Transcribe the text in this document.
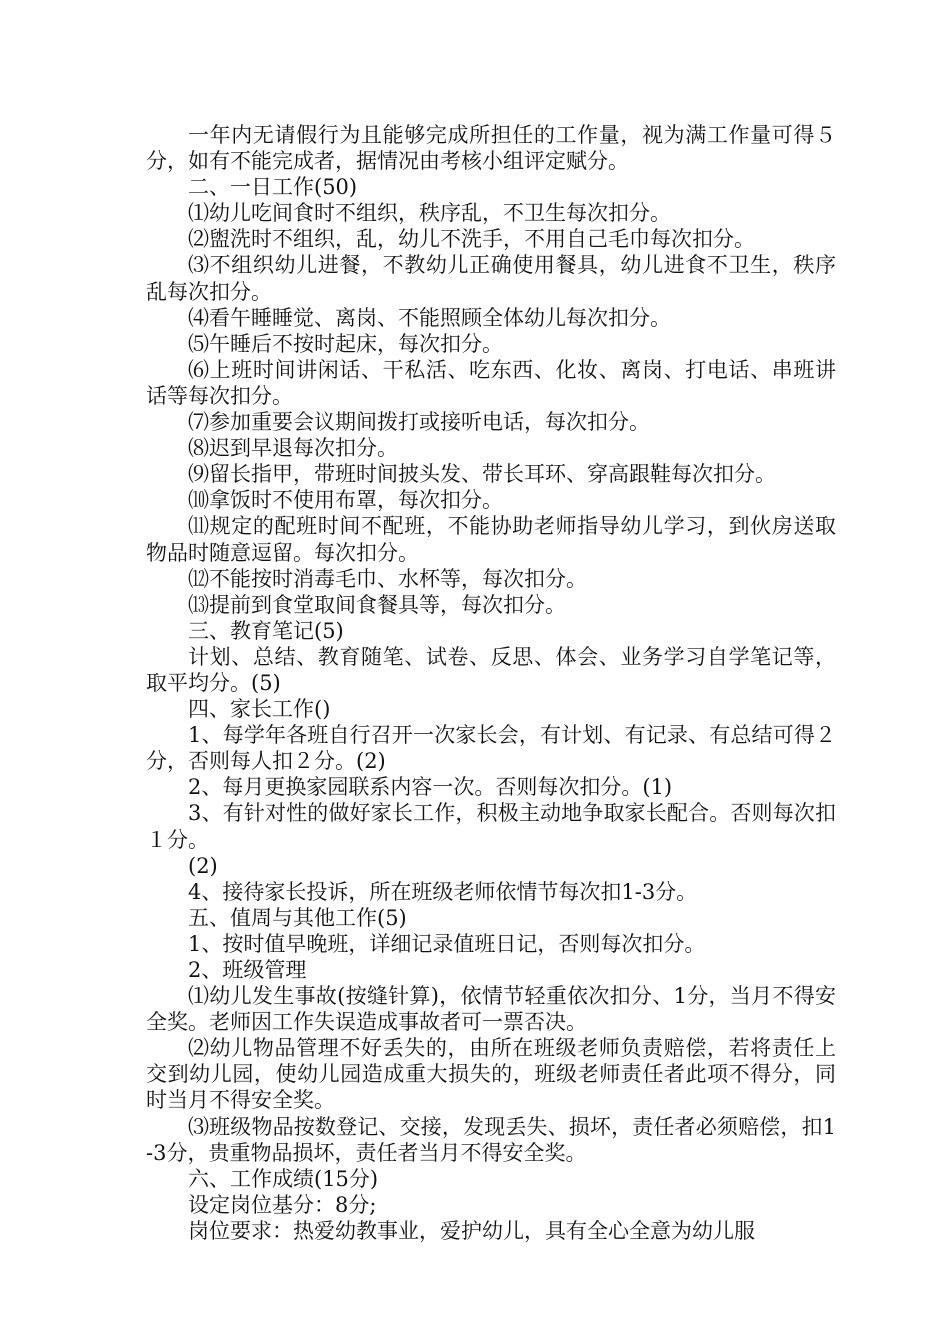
一年内无请假行为且能够完成所担任的工作量，视为满工作量可得５分，如有不能完成者，据情况由考核小组评定赋分。

二、一日工作(50)

⑴幼儿吃间食时不组织，秩序乱，不卫生每次扣分。

⑵盥洗时不组织，乱，幼儿不洗手，不用自己毛巾每次扣分。

⑶不组织幼儿进餐，不教幼儿正确使用餐具，幼儿进食不卫生，秩序乱每次扣分。

⑷看午睡睡觉、离岗、不能照顾全体幼儿每次扣分。

⑸午睡后不按时起床，每次扣分。

⑹上班时间讲闲话、干私活、吃东西、化妆、离岗、打电话、串班讲话等每次扣分。

⑺参加重要会议期间拨打或接听电话，每次扣分。

⑻迟到早退每次扣分。

⑼留长指甲，带班时间披头发、带长耳环、穿高跟鞋每次扣分。

⑽拿饭时不使用布罩，每次扣分。

⑾规定的配班时间不配班，不能协助老师指导幼儿学习，到伙房送取物品时随意逗留。每次扣分。

⑿不能按时消毒毛巾、水杯等，每次扣分。

⒀提前到食堂取间食餐具等，每次扣分。

三、教育笔记(5)

计划、总结、教育随笔、试卷、反思、体会、业务学习自学笔记等，取平均分。(5)

四、家长工作()

1、每学年各班自行召开一次家长会，有计划、有记录、有总结可得２分，否则每人扣２分。(2)

2、每月更换家园联系内容一次。否则每次扣分。(1)

3、有针对性的做好家长工作，积极主动地争取家长配合。否则每次扣１分。

(2)

4、接待家长投诉，所在班级老师依情节每次扣1-3分。

五、值周与其他工作(5)

1、按时值早晚班，详细记录值班日记，否则每次扣分。

2、班级管理

⑴幼儿发生事故(按缝针算)，依情节轻重依次扣分、1分，当月不得安全奖。老师因工作失误造成事故者可一票否决。

⑵幼儿物品管理不好丢失的，由所在班级老师负责赔偿，若将责任上交到幼儿园，使幼儿园造成重大损失的，班级老师责任者此项不得分，同时当月不得安全奖。

⑶班级物品按数登记、交接，发现丢失、损坏，责任者必须赔偿，扣1-3分，贵重物品损坏，责任者当月不得安全奖。

六、工作成绩(15分)

设定岗位基分：8分;

岗位要求：热爱幼教事业，爱护幼儿，具有全心全意为幼儿服
